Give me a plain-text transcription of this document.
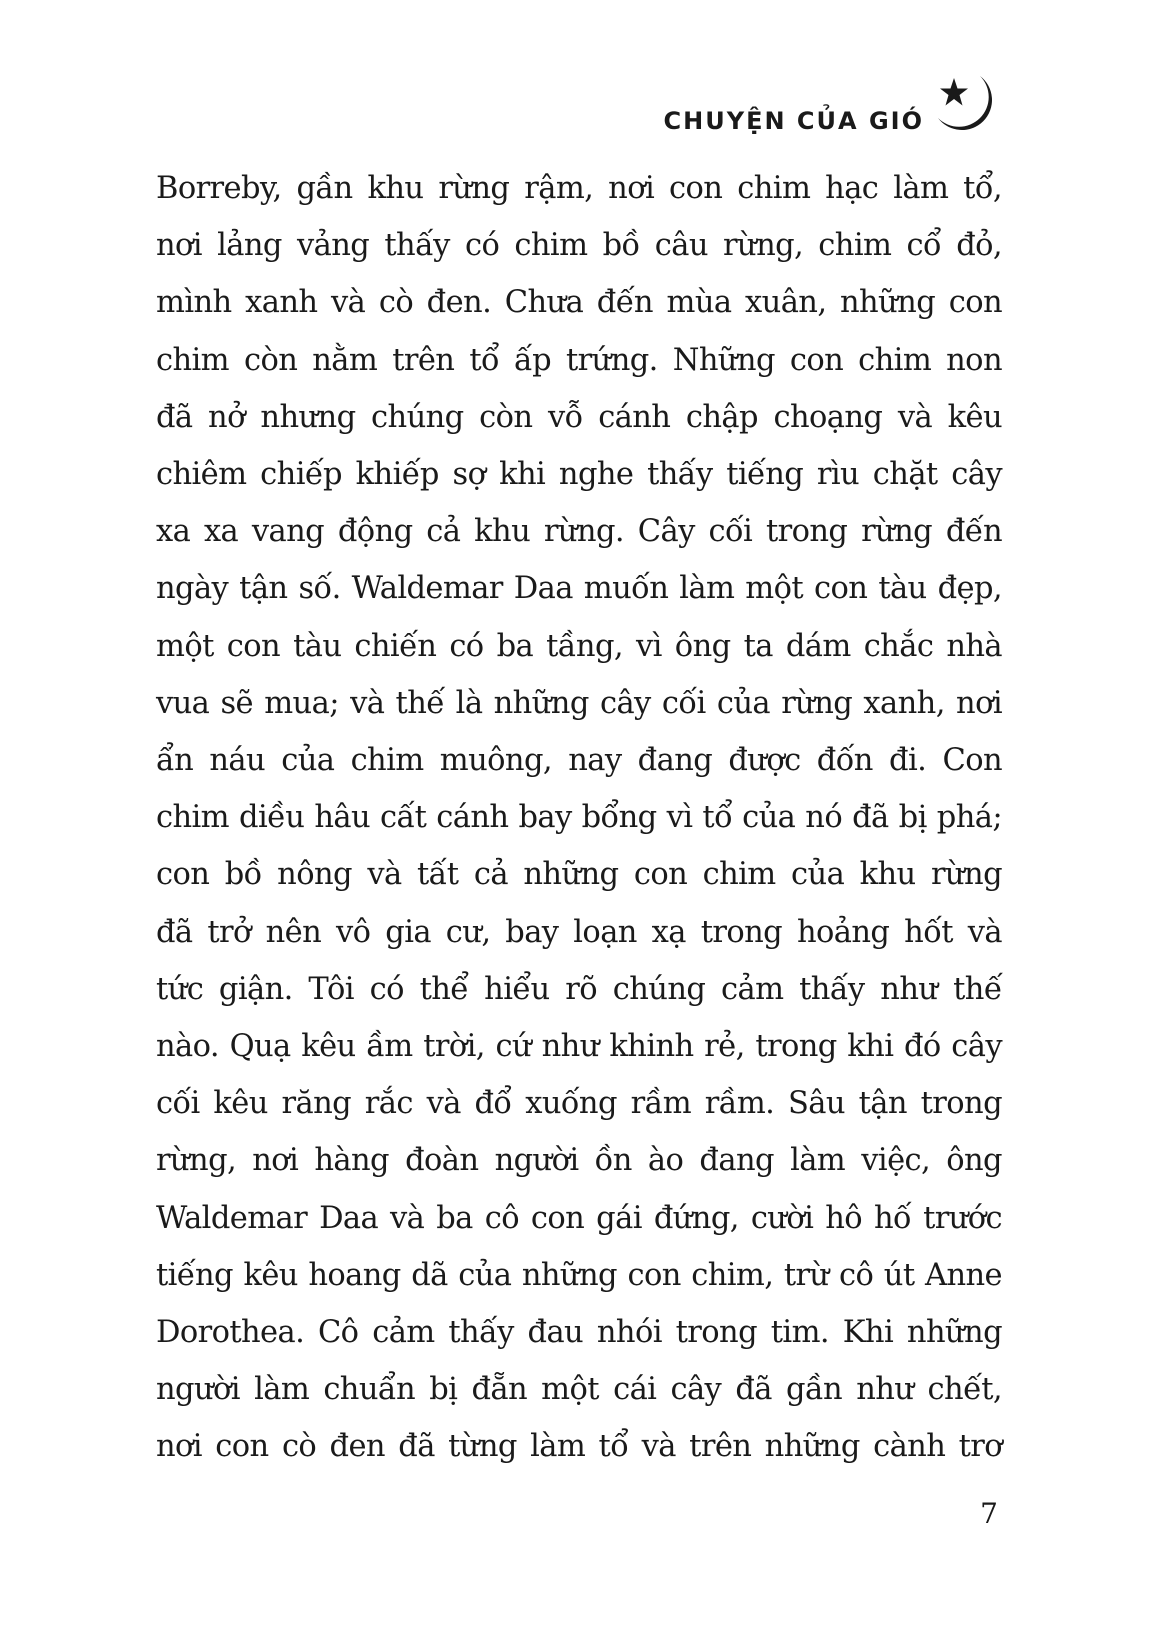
CHUYỆN CỦA GIÓ
Borreby, gần khu rừng rậm, nơi con chim hạc làm tổ,
nơi lảng vảng thấy có chim bồ câu rừng, chim cổ đỏ,
mình xanh và cò đen. Chưa đến mùa xuân, những con
chim còn nằm trên tổ ấp trứng. Những con chim non
đã nở nhưng chúng còn vỗ cánh chập choạng và kêu
chiêm chiếp khiếp sợ khi nghe thấy tiếng rìu chặt cây
xa xa vang động cả khu rừng. Cây cối trong rừng đến
ngày tận số. Waldemar Daa muốn làm một con tàu đẹp,
một con tàu chiến có ba tầng, vì ông ta dám chắc nhà
vua sẽ mua; và thế là những cây cối của rừng xanh, nơi
ẩn náu của chim muông, nay đang được đốn đi. Con
chim diều hâu cất cánh bay bổng vì tổ của nó đã bị phá;
con bồ nông và tất cả những con chim của khu rừng
đã trở nên vô gia cư, bay loạn xạ trong hoảng hốt và
tức giận. Tôi có thể hiểu rõ chúng cảm thấy như thế
nào. Quạ kêu ầm trời, cứ như khinh rẻ, trong khi đó cây
cối kêu răng rắc và đổ xuống rầm rầm. Sâu tận trong
rừng, nơi hàng đoàn người ồn ào đang làm việc, ông
Waldemar Daa và ba cô con gái đứng, cười hô hố trước
tiếng kêu hoang dã của những con chim, trừ cô út Anne
Dorothea. Cô cảm thấy đau nhói trong tim. Khi những
người làm chuẩn bị đẵn một cái cây đã gần như chết,
nơi con cò đen đã từng làm tổ và trên những cành trơ
7
